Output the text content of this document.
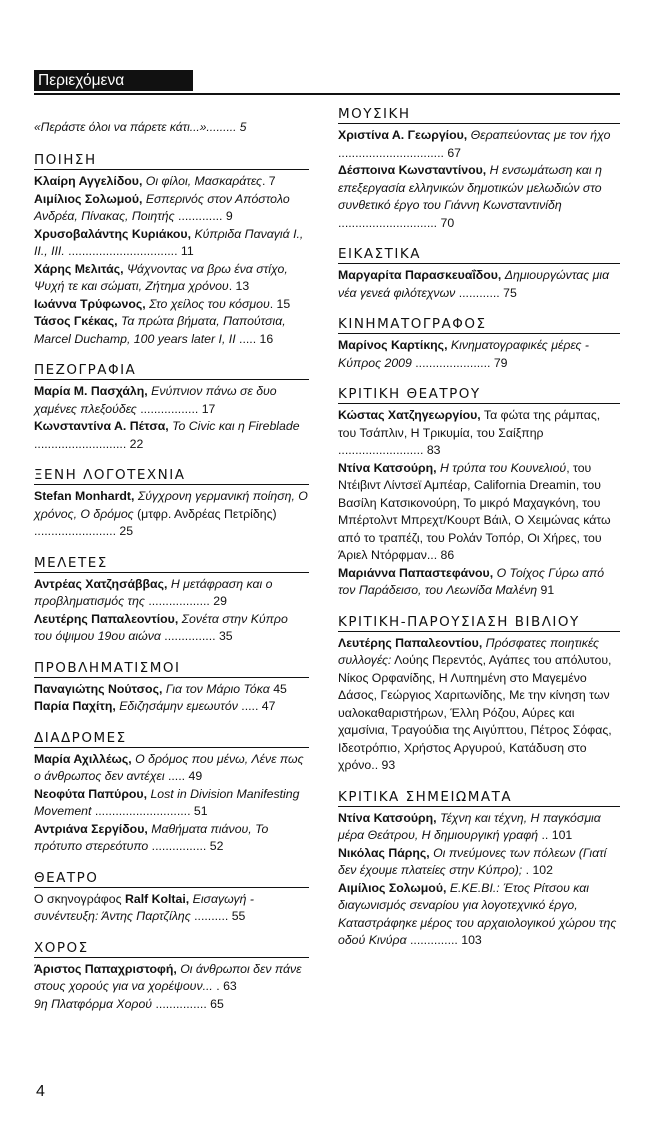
Περιεχόμενα

«Περάστε όλοι να πάρετε κάτι...»......... 5

ΠΟΙΗΣΗ

Κλαίρη Αγγελίδου, Οι φίλοι, Μασκαράτες. 7

Αιμίλιος Σολωμού, Εσπερινός στον Απόστολο Ανδρέα, Πίνακας, Ποιητής ............. 9

Χρυσοβαλάντης Κυριάκου, Κύπριδα Παναγιά I., II., III. ................................ 11

Χάρης Μελιτάς, Ψάχνοντας να βρω ένα στίχο, Ψυχή τε και σώματι, Ζήτημα χρόνου. 13

Ιωάννα Τρύφωνος, Στο χείλος του κόσμου. 15

Τάσος Γκέκας, Τα πρώτα βήματα, Παπούτσια, Marcel Duchamp, 100 years later I, II ..... 16

ΠΕΖΟΓΡΑΦΙΑ

Μαρία Μ. Πασχάλη, Ενύπνιον πάνω σε δυο χαμένες πλεξούδες ................. 17

Κωνσταντίνα Α. Πέτσα, Το Civic και η Fireblade ........................... 22

ΞΕΝΗ ΛΟΓΟΤΕΧΝΙΑ

Stefan Monhardt, Σύγχρονη γερμανική ποίηση, Ο χρόνος, Ο δρόμος (μτφρ. Ανδρέας Πετρίδης) ........................ 25

ΜΕΛΕΤΕΣ

Αντρέας Χατζησάββας, Η μετάφραση και ο προβληματισμός της .................. 29

Λευτέρης Παπαλεοντίου, Σονέτα στην Κύπρο του όψιμου 19ου αιώνα ............... 35

ΠΡΟΒΛΗΜΑΤΙΣΜΟΙ

Παναγιώτης Νούτσος, Για τον Μάριο Τόκα 45

Παρία Παχίτη, Εδιζησάμην εμεωυτόν ..... 47

ΔΙΑΔΡΟΜΕΣ

Μαρία Αχιλλέως, Ο δρόμος που μένω, Λένε πως ο άνθρωπος δεν αντέχει ..... 49

Νεοφύτα Παπύρου, Lost in Division Manifesting Movement ............................ 51

Αντριάνα Σεργίδου, Μαθήματα πιάνου, Το πρότυπο στερεότυπο ................ 52

ΘΕΑΤΡΟ

Ο σκηνογράφος Ralf Koltai, Εισαγωγή - συνέντευξη: Άντης Παρτζίλης .......... 55

ΧΟΡΟΣ

Άριστος Παπαχριστοφή, Οι άνθρωποι δεν πάνε στους χορούς για να χορέψουν... . 63

9η Πλατφόρμα Χορού ............... 65

ΜΟΥΣΙΚΗ

Χριστίνα Α. Γεωργίου, Θεραπεύοντας με τον ήχο ............................... 67

Δέσποινα Κωνσταντίνου, Η ενσωμάτωση και η επεξεργασία ελληνικών δημοτικών μελωδιών στο συνθετικό έργο του Γιάννη Κωνσταντινίδη ............................. 70

ΕΙΚΑΣΤΙΚΑ

Μαργαρίτα Παρασκευαΐδου, Δημιουργώντας μια νέα γενεά φιλότεχνων ............ 75

ΚΙΝΗΜΑΤΟΓΡΑΦΟΣ

Μαρίνος Καρτίκης, Κινηματογραφικές μέρες - Κύπρος 2009 ...................... 79

ΚΡΙΤΙΚΗ ΘΕΑΤΡΟΥ

Κώστας Χατζηγεωργίου, Τα φώτα της ράμπας, του Τσάπλιν, Η Τρικυμία, του Σαίξπηρ ......................... 83

Ντίνα Κατσούρη, Η τρύπα του Κουνελιού, του Ντέιβιντ Λίντσεϊ Αμπέαρ, California Dreamin, του Βασίλη Κατσικονούρη, Το μικρό Μαχαγκόνη, του Μπέρτολντ Μπρεχτ/Κουρτ Βάιλ, Ο Χειμώνας κάτω από το τραπέζι, του Ρολάν Τοπόρ, Οι Χήρες, του Άριελ Ντόρφμαν... 86

Μαριάννα Παπαστεφάνου, Ο Τοίχος Γύρω από τον Παράδεισο, του Λεωνίδα Μαλένη 91

ΚΡΙΤΙΚΗ-ΠΑΡΟΥΣΙΑΣΗ ΒΙΒΛΙΟΥ

Λευτέρης Παπαλεοντίου, Πρόσφατες ποιητικές συλλογές: Λούης Περεντός, Αγάπες του απόλυτου, Νίκος Ορφανίδης, Η Λυπημένη στο Μαγεμένο Δάσος, Γεώργιος Χαριτωνίδης, Με την κίνηση των υαλοκαθαριστήρων, Έλλη Ρόζου, Αύρες και χαμσίνια, Τραγούδια της Αιγύπτου, Πέτρος Σόφας, Ιδεοτρόπιο, Χρήστος Αργυρού, Κατάδυση στο χρόνο.. 93

ΚΡΙΤΙΚΑ ΣΗΜΕΙΩΜΑΤΑ

Ντίνα Κατσούρη, Τέχνη και τέχνη, Η παγκόσμια μέρα Θεάτρου, Η δημιουργική γραφή .. 101

Νικόλας Πάρης, Οι πνεύμονες των πόλεων (Γιατί δεν έχουμε πλατείες στην Κύπρο); . 102

Αιμίλιος Σολωμού, Ε.ΚΕ.ΒΙ.: Έτος Ρίτσου και διαγωνισμός σεναρίου για λογοτεχνικό έργο, Καταστράφηκε μέρος του αρχαιολογικού χώρου της οδού Κινύρα .............. 103

4
